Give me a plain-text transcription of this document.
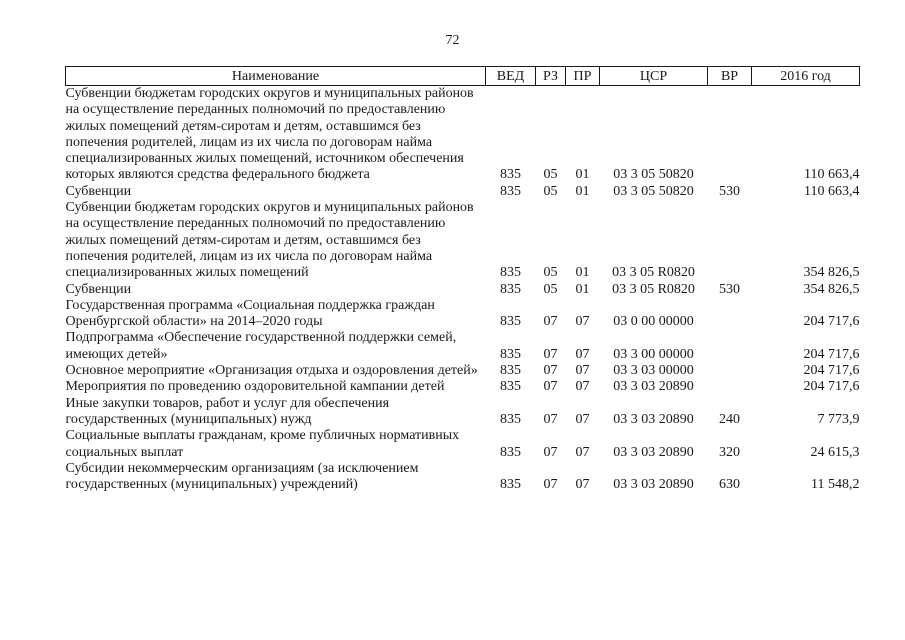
72
Наименование	ВЕД	РЗ	ПР	ЦСР	ВР	2016 год
Субвенции бюджетам городских округов и муниципальных районов на осуществление переданных полномочий по предоставлению жилых помещений детям-сиротам и детям, оставшимся без попечения родителей, лицам из их числа по договорам найма специализированных жилых помещений, источником обеспечения которых являются средства федерального бюджета	835	05	01	03 3 05 50820		110 663,4
Субвенции	835	05	01	03 3 05 50820	530	110 663,4
Субвенции бюджетам городских округов и муниципальных районов на осуществление переданных полномочий по предоставлению жилых помещений детям-сиротам и детям, оставшимся без попечения родителей, лицам из их числа по договорам найма специализированных жилых помещений	835	05	01	03 3 05 R0820		354 826,5
Субвенции	835	05	01	03 3 05 R0820	530	354 826,5
Государственная программа «Социальная поддержка граждан Оренбургской области» на 2014–2020 годы	835	07	07	03 0 00 00000		204 717,6
Подпрограмма «Обеспечение государственной поддержки семей, имеющих детей»	835	07	07	03 3 00 00000		204 717,6
Основное мероприятие «Организация отдыха и оздоровления детей»	835	07	07	03 3 03 00000		204 717,6
Мероприятия по проведению оздоровительной кампании детей	835	07	07	03 3 03 20890		204 717,6
Иные закупки товаров, работ и услуг для обеспечения государственных (муниципальных) нужд	835	07	07	03 3 03 20890	240	7 773,9
Социальные выплаты гражданам, кроме публичных нормативных социальных выплат	835	07	07	03 3 03 20890	320	24 615,3
Субсидии некоммерческим организациям (за исключением государственных (муниципальных) учреждений)	835	07	07	03 3 03 20890	630	11 548,2
